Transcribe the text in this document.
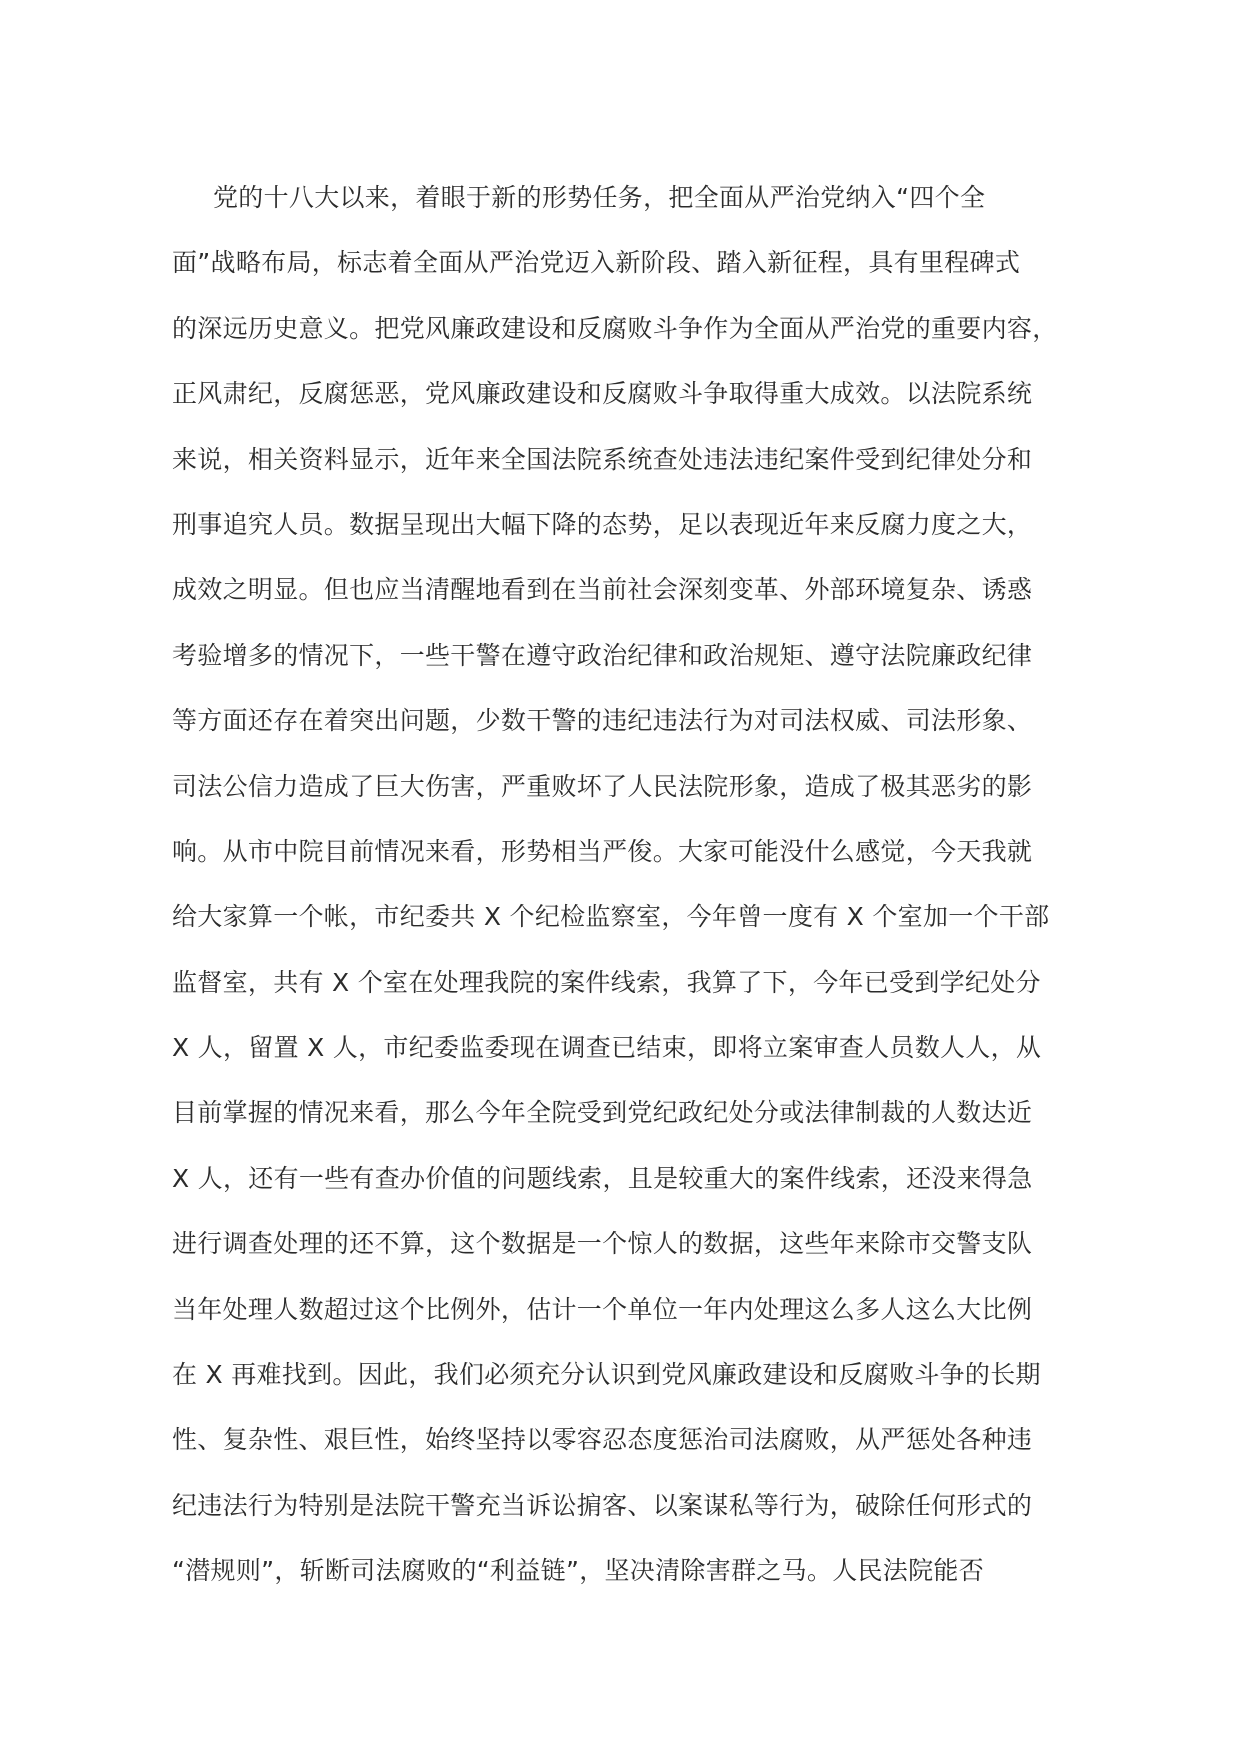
党的十八大以来，着眼于新的形势任务，把全面从严治党纳入“四个全
面”战略布局，标志着全面从严治党迈入新阶段、踏入新征程，具有里程碑式
的深远历史意义。把党风廉政建设和反腐败斗争作为全面从严治党的重要内容，
正风肃纪，反腐惩恶，党风廉政建设和反腐败斗争取得重大成效。以法院系统
来说，相关资料显示，近年来全国法院系统查处违法违纪案件受到纪律处分和
刑事追究人员。数据呈现出大幅下降的态势，足以表现近年来反腐力度之大，
成效之明显。但也应当清醒地看到在当前社会深刻变革、外部环境复杂、诱惑
考验增多的情况下，一些干警在遵守政治纪律和政治规矩、遵守法院廉政纪律
等方面还存在着突出问题，少数干警的违纪违法行为对司法权威、司法形象、
司法公信力造成了巨大伤害，严重败坏了人民法院形象，造成了极其恶劣的影
响。从市中院目前情况来看，形势相当严俊。大家可能没什么感觉，今天我就
给大家算一个帐，市纪委共 X 个纪检监察室，今年曾一度有 X 个室加一个干部
监督室，共有 X 个室在处理我院的案件线索，我算了下，今年已受到学纪处分
X 人，留置 X 人，市纪委监委现在调查已结束，即将立案审查人员数人人，从
目前掌握的情况来看，那么今年全院受到党纪政纪处分或法律制裁的人数达近
X 人，还有一些有查办价值的问题线索，且是较重大的案件线索，还没来得急
进行调查处理的还不算，这个数据是一个惊人的数据，这些年来除市交警支队
当年处理人数超过这个比例外，估计一个单位一年内处理这么多人这么大比例
在 X 再难找到。因此，我们必须充分认识到党风廉政建设和反腐败斗争的长期
性、复杂性、艰巨性，始终坚持以零容忍态度惩治司法腐败，从严惩处各种违
纪违法行为特别是法院干警充当诉讼掮客、以案谋私等行为，破除任何形式的
“潜规则”，斩断司法腐败的“利益链”，坚决清除害群之马。人民法院能否
